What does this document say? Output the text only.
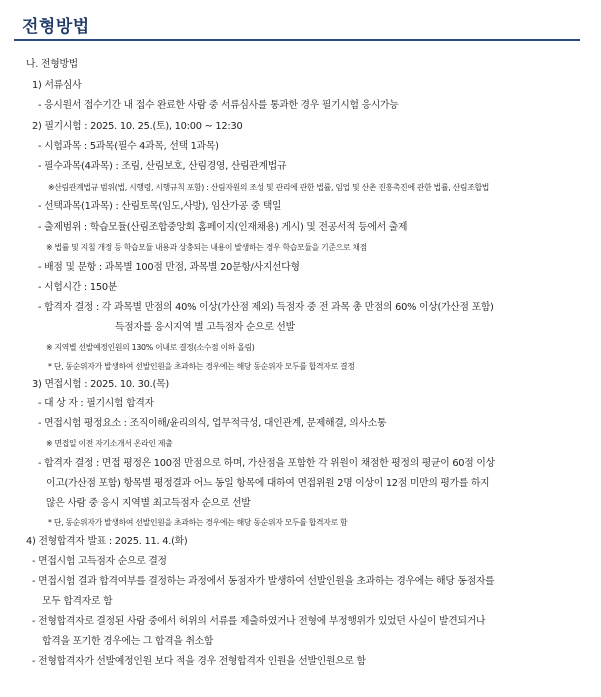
전형방법
나. 전형방법
1) 서류심사
- 응시원서 접수기간 내 접수 완료한 사람 중 서류심사를 통과한 경우 필기시험 응시가능
2) 필기시험 : 2025. 10. 25.(토), 10:00 ~ 12:30
- 시험과목 : 5과목(필수 4과목, 선택 1과목)
- 필수과목(4과목) : 조림, 산림보호, 산림경영, 산림관계법규
※산림관계법규 범위(법, 시행령, 시행규칙 포함) : 산림자원의 조성 및 관리에 관한 법률, 임업 및 산촌 진흥촉진에 관한 법률, 산림조합법
- 선택과목(1과목) : 산림토목(임도,사방), 임산가공 중 택일
- 출제범위 : 학습모듈(산림조합중앙회 홈페이지(인재채용) 게시) 및 전공서적 등에서 출제
※ 법률 및 지침 개정 등 학습모듈 내용과 상충되는 내용이 발생하는 경우 학습모듈을 기준으로 채점
- 배점 및 문항 : 과목별 100점 만점, 과목별 20문항/사지선다형
- 시험시간 : 150분
- 합격자 결정 : 각 과목별 만점의 40% 이상(가산점 제외) 득점자 중 전 과목 총 만점의 60% 이상(가산점 포함)
득점자를 응시지역 별 고득점자 순으로 선발
※ 지역별 선발예정인원의 130% 이내로 결정(소수점 이하 올림)
* 단, 동순위자가 발생하여 선발인원을 초과하는 경우에는 해당 동순위자 모두를 합격자로 결정
3) 면접시험 : 2025. 10. 30.(목)
- 대 상 자 : 필기시험 합격자
- 면접시험 평정요소 : 조직이해/윤리의식, 업무적극성, 대인관계, 문제해결, 의사소통
※ 면접일 이전 자기소개서 온라인 제출
- 합격자 결정 : 면접 평정은 100점 만점으로 하며, 가산점을 포함한 각 위원이 채점한 평정의 평균이 60점 이상
이고(가산점 포함) 항목별 평정결과 어느 동일 항목에 대하여 면접위원 2명 이상이 12점 미만의 평가를 하지
않은 사람 중 응시 지역별 최고득점자 순으로 선발
* 단, 동순위자가 발생하여 선발인원을 초과하는 경우에는 해당 동순위자 모두를 합격자로 함
4) 전형합격자 발표 : 2025. 11. 4.(화)
- 면접시험 고득점자 순으로 결정
- 면접시험 결과 합격여부를 결정하는 과정에서 동점자가 발생하여 선발인원을 초과하는 경우에는 해당 동점자를
모두 합격자로 함
- 전형합격자로 결정된 사람 중에서 허위의 서류를 제출하였거나 전형에 부정행위가 있었던 사실이 발견되거나
합격을 포기한 경우에는 그 합격을 취소함
- 전형합격자가 선발예정인원 보다 적을 경우 전형합격자 인원을 선발인원으로 함
